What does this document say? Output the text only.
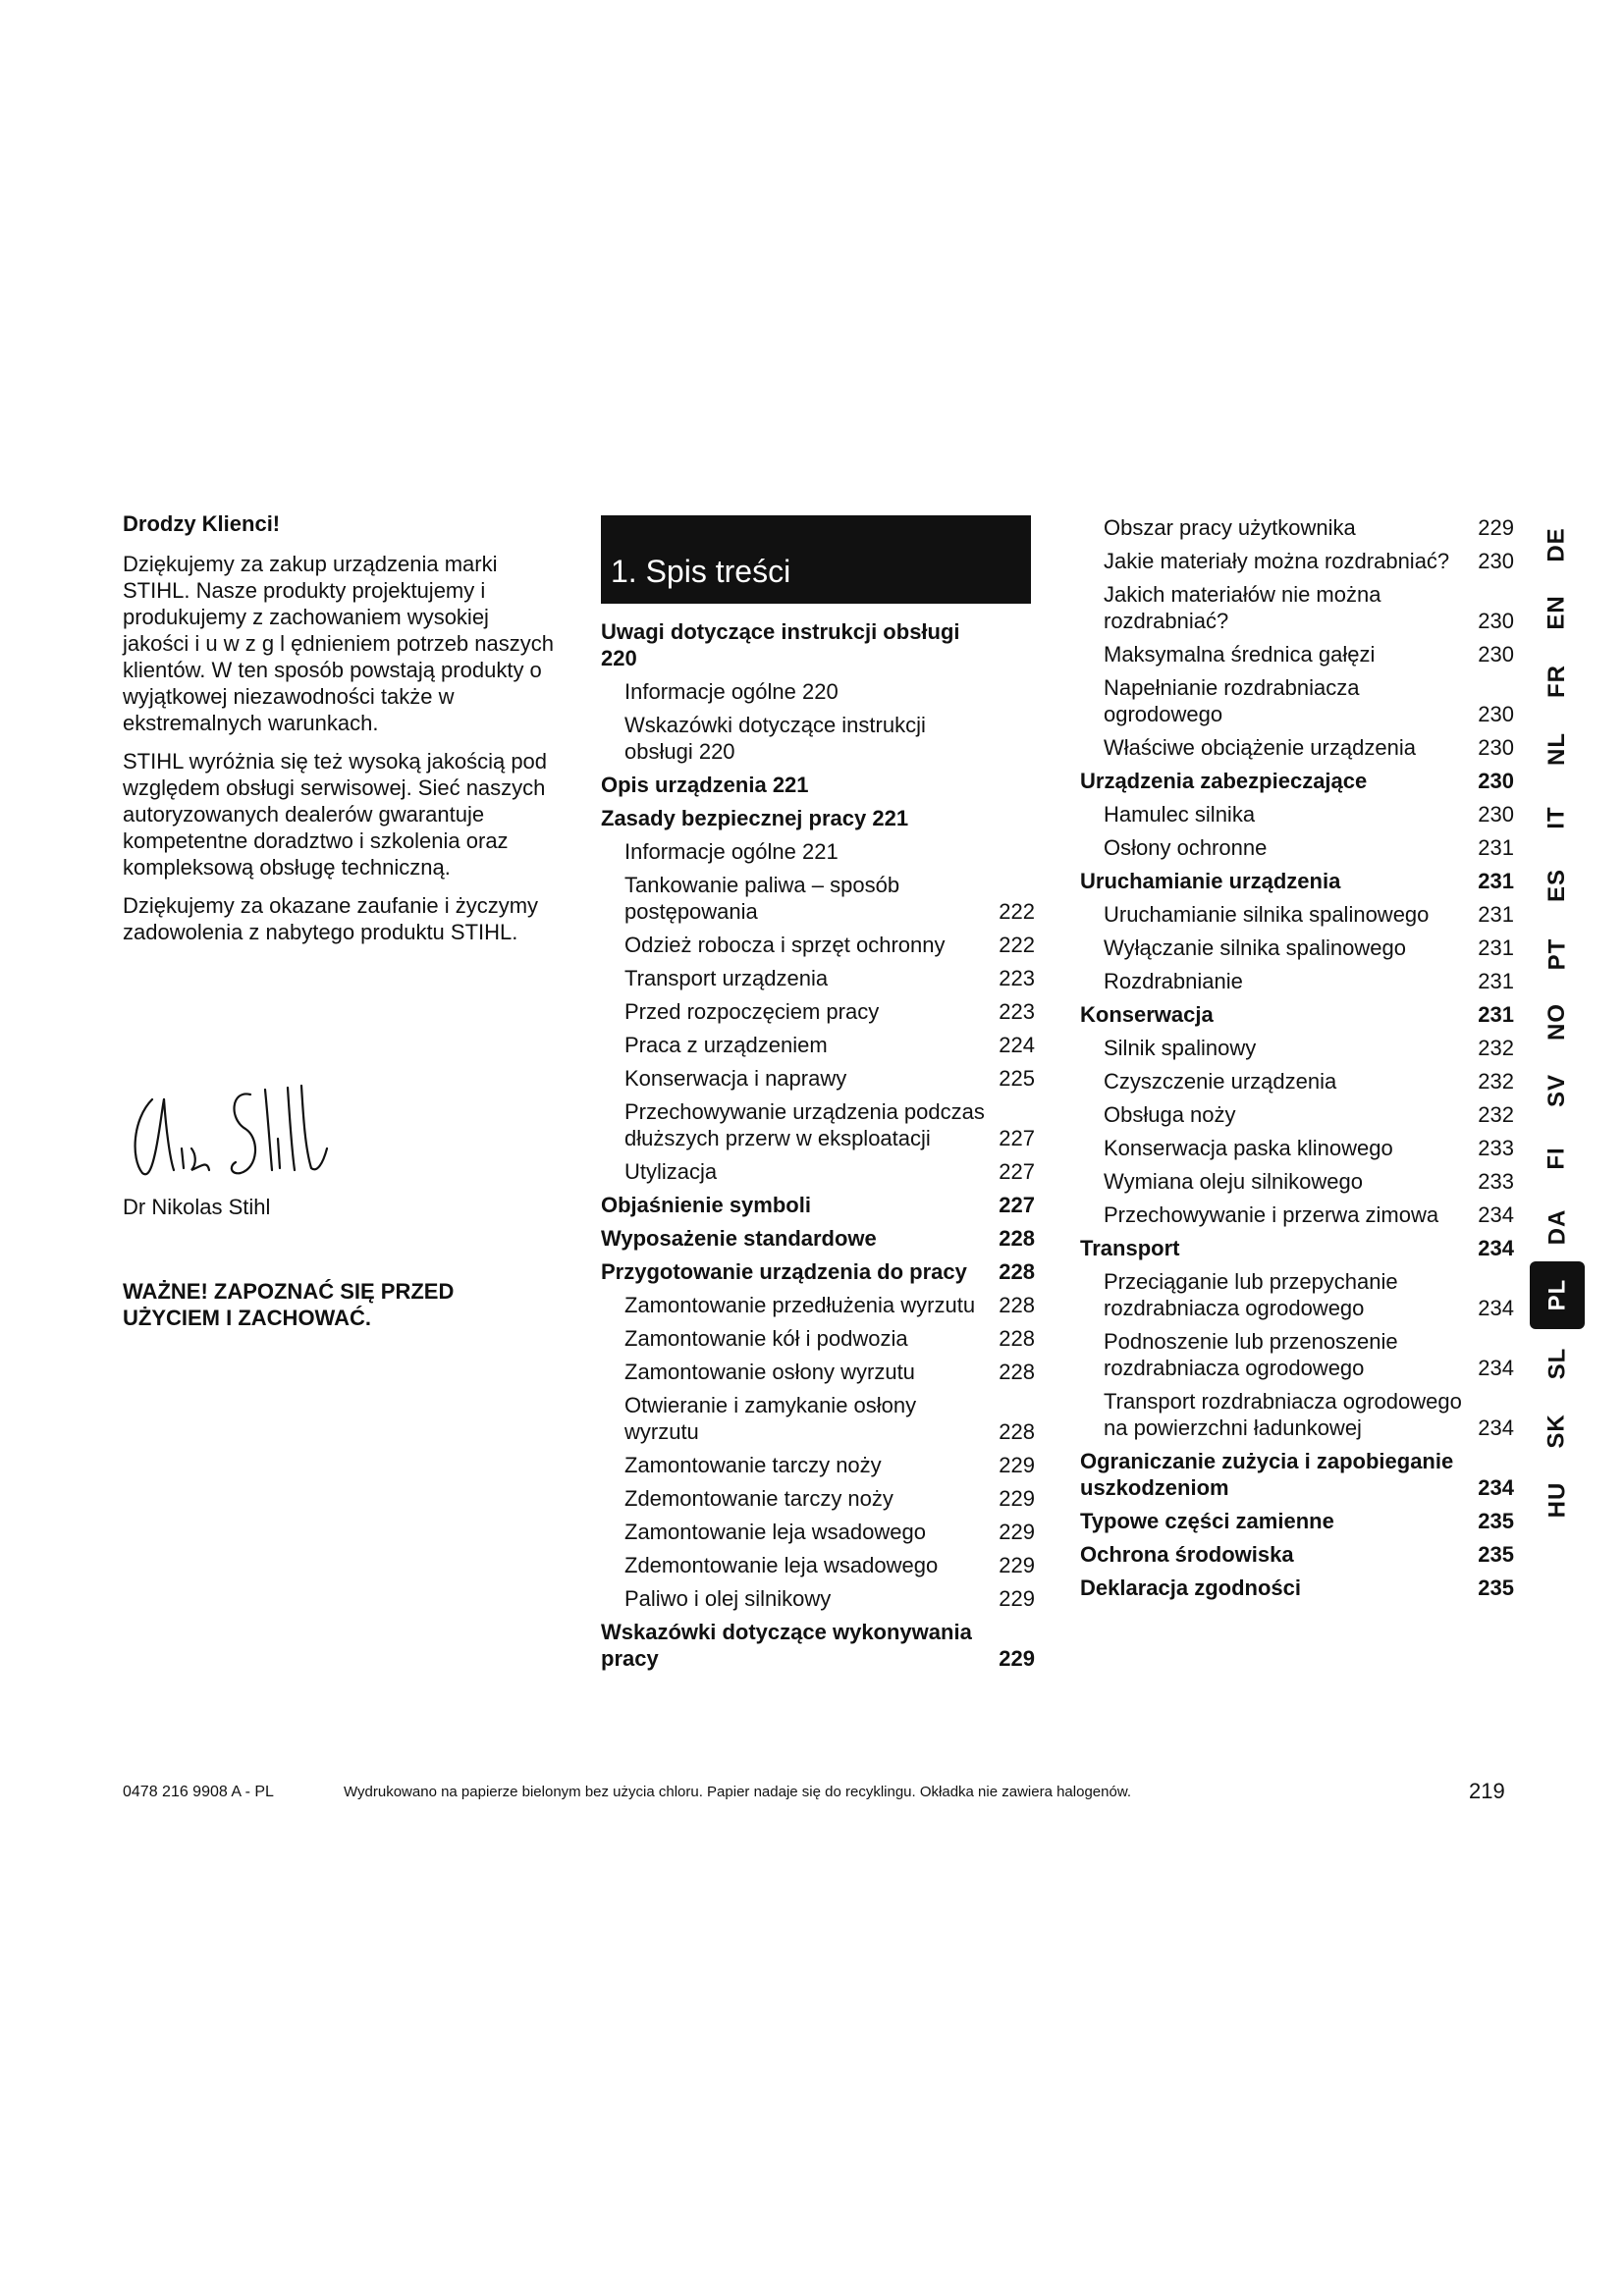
Drodzy Klienci!

Dziękujemy za zakup urządzenia marki STIHL. Nasze produkty projektujemy i produkujemy z zachowaniem wysokiej jakości i u w z g l ędnieniem potrzeb naszych klientów. W ten sposób powstają produkty o wyjątkowej niezawodności także w ekstremalnych warunkach.

STIHL wyróżnia się też wysoką jakością pod względem obsługi serwisowej. Sieć naszych autoryzowanych dealerów gwarantuje kompetentne doradztwo i szkolenia oraz kompleksową obsługę techniczną.

Dziękujemy za okazane zaufanie i życzymy zadowolenia z nabytego produktu STIHL.

Dr Nikolas Stihl
WAŻNE! ZAPOZNAĆ SIĘ PRZED UŻYCIEM I ZACHOWAĆ.
1. Spis treści
Uwagi dotyczące instrukcji obsługi 220
Informacje ogólne 220
Wskazówki dotyczące instrukcji obsługi 220
Opis urządzenia 221
Zasady bezpiecznej pracy 221
Informacje ogólne 221
Tankowanie paliwa – sposób postępowania	222
Odzież robocza i sprzęt ochronny	222
Transport urządzenia	223
Przed rozpoczęciem pracy	223
Praca z urządzeniem	224
Konserwacja i naprawy	225
Przechowywanie urządzenia podczas dłuższych przerw w eksploatacji	227
Utylizacja	227
Objaśnienie symboli	227
Wyposażenie standardowe	228
Przygotowanie urządzenia do pracy	228
Zamontowanie przedłużenia wyrzutu	228
Zamontowanie kół i podwozia	228
Zamontowanie osłony wyrzutu	228
Otwieranie i zamykanie osłony wyrzutu	228
Zamontowanie tarczy noży	229
Zdemontowanie tarczy noży	229
Zamontowanie leja wsadowego	229
Zdemontowanie leja wsadowego	229
Paliwo i olej silnikowy	229
Wskazówki dotyczące wykonywania pracy	229
Obszar pracy użytkownika	229
Jakie materiały można rozdrabniać?	230
Jakich materiałów nie można rozdrabniać?	230
Maksymalna średnica gałęzi	230
Napełnianie rozdrabniacza ogrodowego	230
Właściwe obciążenie urządzenia	230
Urządzenia zabezpieczające	230
Hamulec silnika	230
Osłony ochronne	231
Uruchamianie urządzenia	231
Uruchamianie silnika spalinowego	231
Wyłączanie silnika spalinowego	231
Rozdrabnianie	231
Konserwacja	231
Silnik spalinowy	232
Czyszczenie urządzenia	232
Obsługa noży	232
Konserwacja paska klinowego	233
Wymiana oleju silnikowego	233
Przechowywanie i przerwa zimowa	234
Transport	234
Przeciąganie lub przepychanie rozdrabniacza ogrodowego	234
Podnoszenie lub przenoszenie rozdrabniacza ogrodowego	234
Transport rozdrabniacza ogrodowego na powierzchni ładunkowej	234
Ograniczanie zużycia i zapobieganie uszkodzeniom	234
Typowe części zamienne	235
Ochrona środowiska	235
Deklaracja zgodności	235
DE
EN
FR
NL
IT
ES
PT
NO
SV
FI
DA
PL
SL
SK
HU
0478 216 9908 A - PL	Wydrukowano na papierze bielonym bez użycia chloru. Papier nadaje się do recyklingu. Okładka nie zawiera halogenów.	219
